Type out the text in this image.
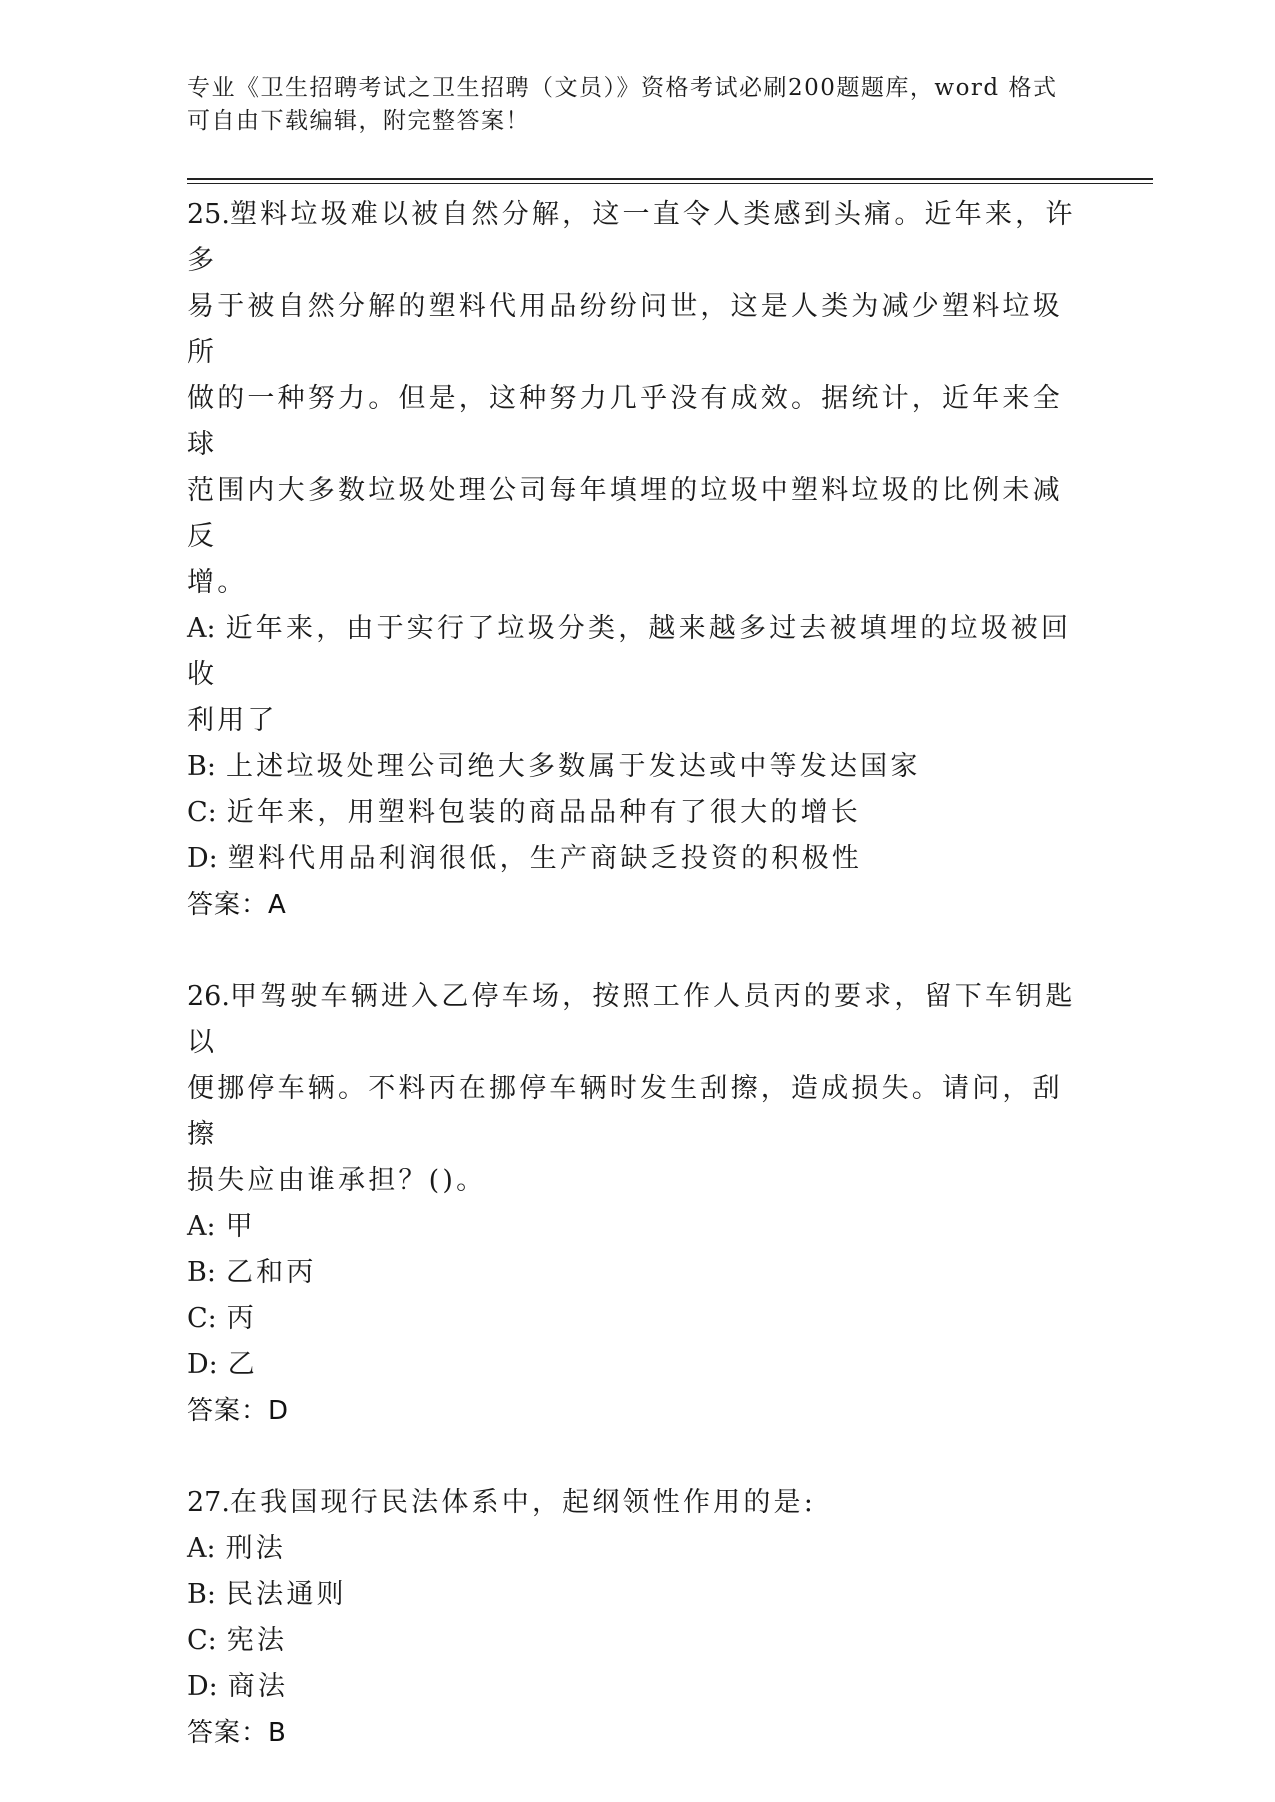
专业《卫生招聘考试之卫生招聘（文员）》资格考试必刷200题题库，word 格式
可自由下载编辑，附完整答案！
25.塑料垃圾难以被自然分解，这一直令人类感到头痛。近年来，许多
易于被自然分解的塑料代用品纷纷问世，这是人类为减少塑料垃圾所
做的一种努力。但是，这种努力几乎没有成效。据统计，近年来全球
范围内大多数垃圾处理公司每年填埋的垃圾中塑料垃圾的比例未减反
增。
A: 近年来，由于实行了垃圾分类，越来越多过去被填埋的垃圾被回收
利用了
B: 上述垃圾处理公司绝大多数属于发达或中等发达国家
C: 近年来，用塑料包装的商品品种有了很大的增长
D: 塑料代用品利润很低，生产商缺乏投资的积极性
答案：A
26.甲驾驶车辆进入乙停车场，按照工作人员丙的要求，留下车钥匙以
便挪停车辆。不料丙在挪停车辆时发生刮擦，造成损失。请问，刮擦
损失应由谁承担？()。
A: 甲
B: 乙和丙
C: 丙
D: 乙
答案：D
27.在我国现行民法体系中，起纲领性作用的是:
A: 刑法
B: 民法通则
C: 宪法
D: 商法
答案：B
